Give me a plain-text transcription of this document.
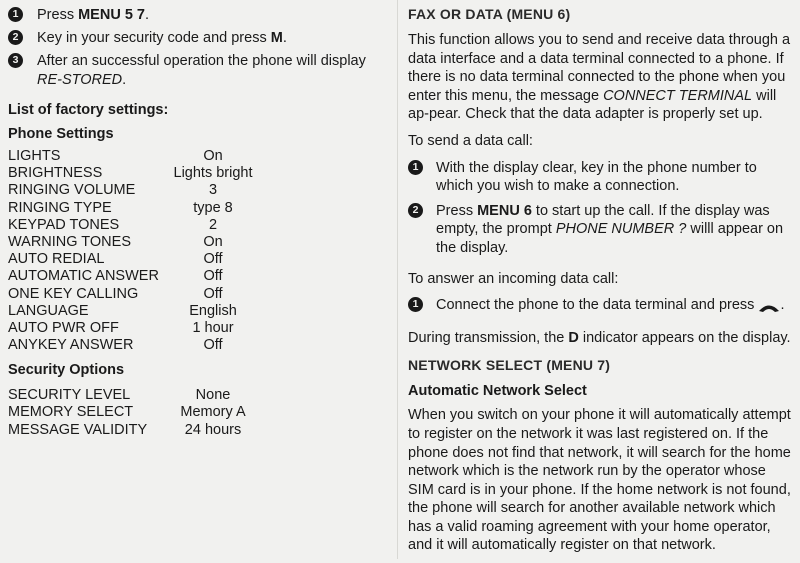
1	Press MENU 5 7.
2	Key in your security code and press M.
3	After an successful operation the phone will display RE-STORED.
List of factory settings:
Phone Settings
LIGHTS	On
BRIGHTNESS	Lights bright
RINGING VOLUME	3
RINGING TYPE	type 8
KEYPAD TONES	2
WARNING TONES	On
AUTO REDIAL	Off
AUTOMATIC ANSWER	Off
ONE KEY CALLING	Off
LANGUAGE	English
AUTO PWR OFF	1 hour
ANYKEY ANSWER	Off
Security Options
SECURITY LEVEL	None
MEMORY SELECT	Memory A
MESSAGE VALIDITY	24 hours
FAX OR DATA (MENU 6)
This function allows you to send and receive data through a data interface and a data terminal connected to a phone. If there is no data terminal connected to the phone when you enter this menu, the message CONNECT TERMINAL will ap-pear. Check that the data adapter is properly set up.
To send a data call:
1	With the display clear, key in the phone number to which you wish to make a connection.
2	Press MENU 6 to start up the call. If the display was empty, the prompt PHONE NUMBER ? willl appear on the display.
To answer an incoming data call:
1	Connect the phone to the data terminal and press .
During transmission, the D indicator appears on the display.
NETWORK SELECT (MENU 7)
Automatic Network Select
When you switch on your phone it will automatically attempt to register on the network it was last registered on. If the phone does not find that network, it will search for the home network which is the network run by the operator whose SIM card is in your phone. If the home network is not found, the phone will search for another available network which has a valid roaming agreement with your home operator, and it will automatically register on that network.
